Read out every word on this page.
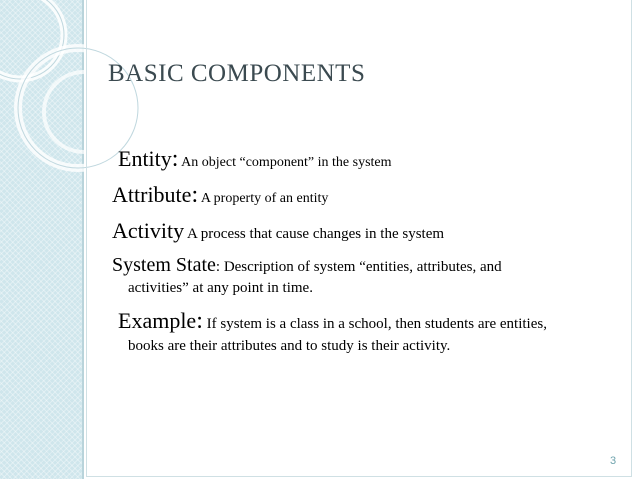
BASIC COMPONENTS
Entity: An object “component” in the system
Attribute: A property of an entity
Activity A process that cause changes in the system
System State: Description of system “entities, attributes, and
activities” at any point in time.
Example: If system is a class in a school, then students are entities,
books are their attributes and to study is their activity.
3
